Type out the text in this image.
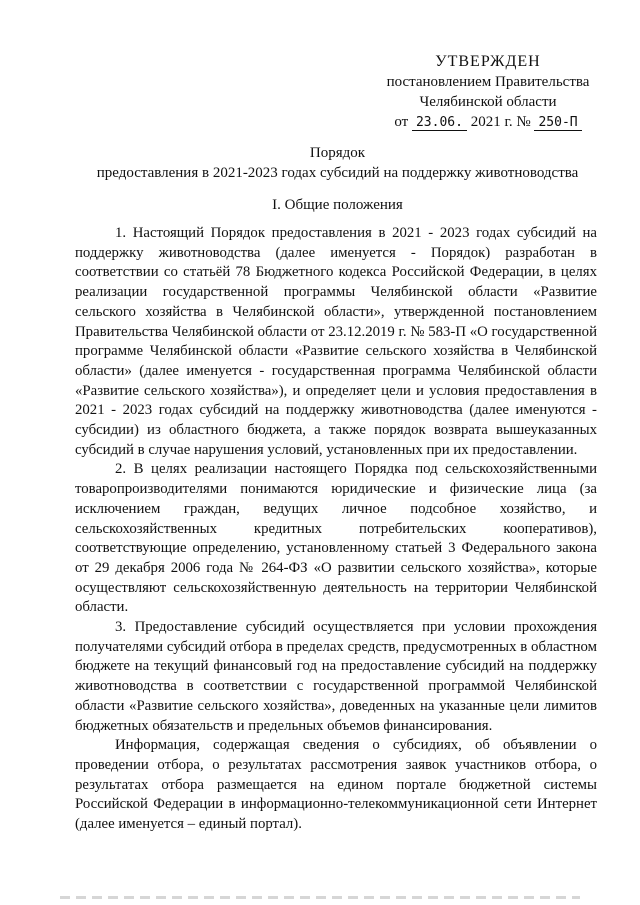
УТВЕРЖДЕН
постановлением Правительства
Челябинской области
от 23.06. 2021 г. № 250-П
Порядок
предоставления в 2021-2023 годах субсидий на поддержку животноводства
I. Общие положения

1. Настоящий Порядок предоставления в 2021 - 2023 годах субсидий на поддержку животноводства (далее именуется - Порядок) разработан в соответствии со статьёй 78 Бюджетного кодекса Российской Федерации, в целях реализации государственной программы Челябинской области «Развитие сельского хозяйства в Челябинской области», утвержденной постановлением Правительства Челябинской области от 23.12.2019 г. № 583-П «О государственной программе Челябинской области «Развитие сельского хозяйства в Челябинской области» (далее именуется - государственная программа Челябинской области «Развитие сельского хозяйства»), и определяет цели и условия предоставления в 2021 - 2023 годах субсидий на поддержку животноводства (далее именуются - субсидии) из областного бюджета, а также порядок возврата вышеуказанных субсидий в случае нарушения условий, установленных при их предоставлении.

2. В целях реализации настоящего Порядка под сельскохозяйственными товаропроизводителями понимаются юридические и физические лица (за исключением граждан, ведущих личное подсобное хозяйство, и сельскохозяйственных кредитных потребительских кооперативов), соответствующие определению, установленному статьей 3 Федерального закона от 29 декабря 2006 года № 264-ФЗ «О развитии сельского хозяйства», которые осуществляют сельскохозяйственную деятельность на территории Челябинской области.

3. Предоставление субсидий осуществляется при условии прохождения получателями субсидий отбора в пределах средств, предусмотренных в областном бюджете на текущий финансовый год на предоставление субсидий на поддержку животноводства в соответствии с государственной программой Челябинской области «Развитие сельского хозяйства», доведенных на указанные цели лимитов бюджетных обязательств и предельных объемов финансирования.

Информация, содержащая сведения о субсидиях, об объявлении о проведении отбора, о результатах рассмотрения заявок участников отбора, о результатах отбора размещается на едином портале бюджетной системы Российской Федерации в информационно-телекоммуникационной сети Интернет (далее именуется – единый портал).
